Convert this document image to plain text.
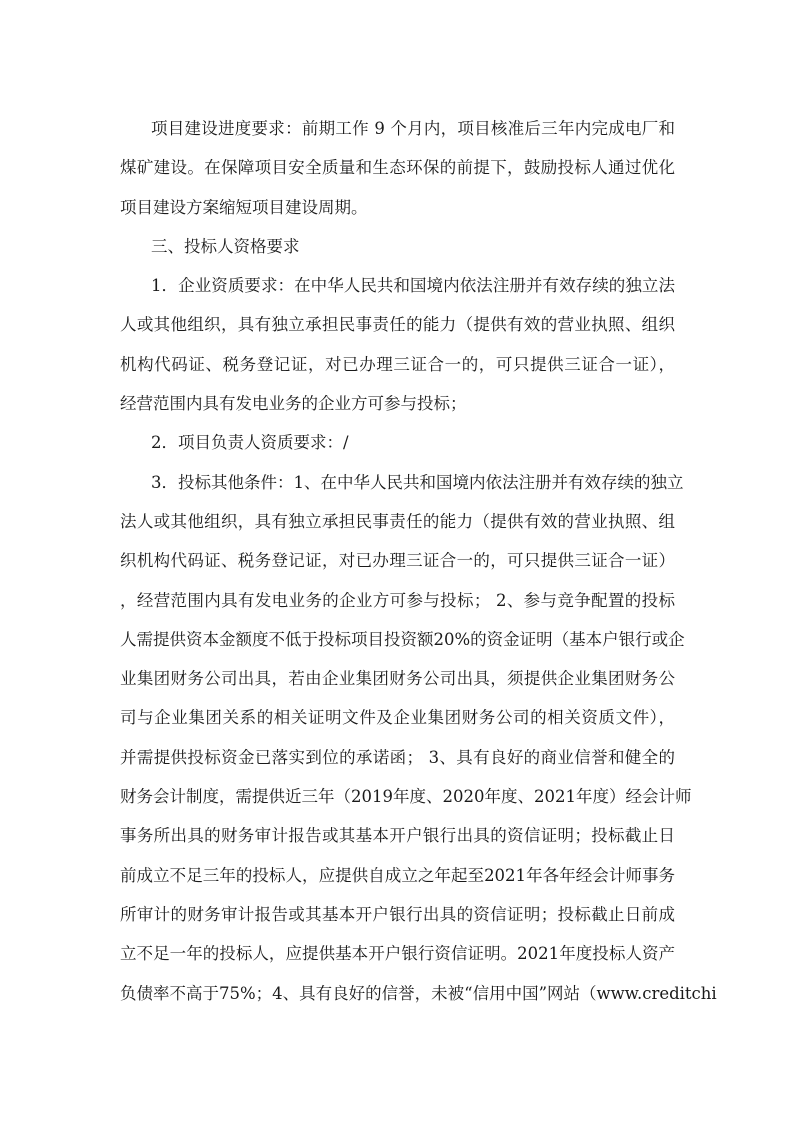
项目建设进度要求：前期工作 9 个月内，项目核准后三年内完成电厂和
煤矿建设。在保障项目安全质量和生态环保的前提下，鼓励投标人通过优化
项目建设方案缩短项目建设周期。
三、投标人资格要求
1．企业资质要求：在中华人民共和国境内依法注册并有效存续的独立法
人或其他组织，具有独立承担民事责任的能力（提供有效的营业执照、组织
机构代码证、税务登记证，对已办理三证合一的，可只提供三证合一证），
经营范围内具有发电业务的企业方可参与投标；
2．项目负责人资质要求：/
3．投标其他条件：1、在中华人民共和国境内依法注册并有效存续的独立
法人或其他组织，具有独立承担民事责任的能力（提供有效的营业执照、组
织机构代码证、税务登记证，对已办理三证合一的，可只提供三证合一证）
，经营范围内具有发电业务的企业方可参与投标； 2、参与竞争配置的投标
人需提供资本金额度不低于投标项目投资额20%的资金证明（基本户银行或企
业集团财务公司出具，若由企业集团财务公司出具，须提供企业集团财务公
司与企业集团关系的相关证明文件及企业集团财务公司的相关资质文件），
并需提供投标资金已落实到位的承诺函； 3、具有良好的商业信誉和健全的
财务会计制度，需提供近三年（2019年度、2020年度、2021年度）经会计师
事务所出具的财务审计报告或其基本开户银行出具的资信证明；投标截止日
前成立不足三年的投标人，应提供自成立之年起至2021年各年经会计师事务
所审计的财务审计报告或其基本开户银行出具的资信证明；投标截止日前成
立不足一年的投标人，应提供基本开户银行资信证明。2021年度投标人资产
负债率不高于75%；4、具有良好的信誉，未被“信用中国”网站（www.creditchi
